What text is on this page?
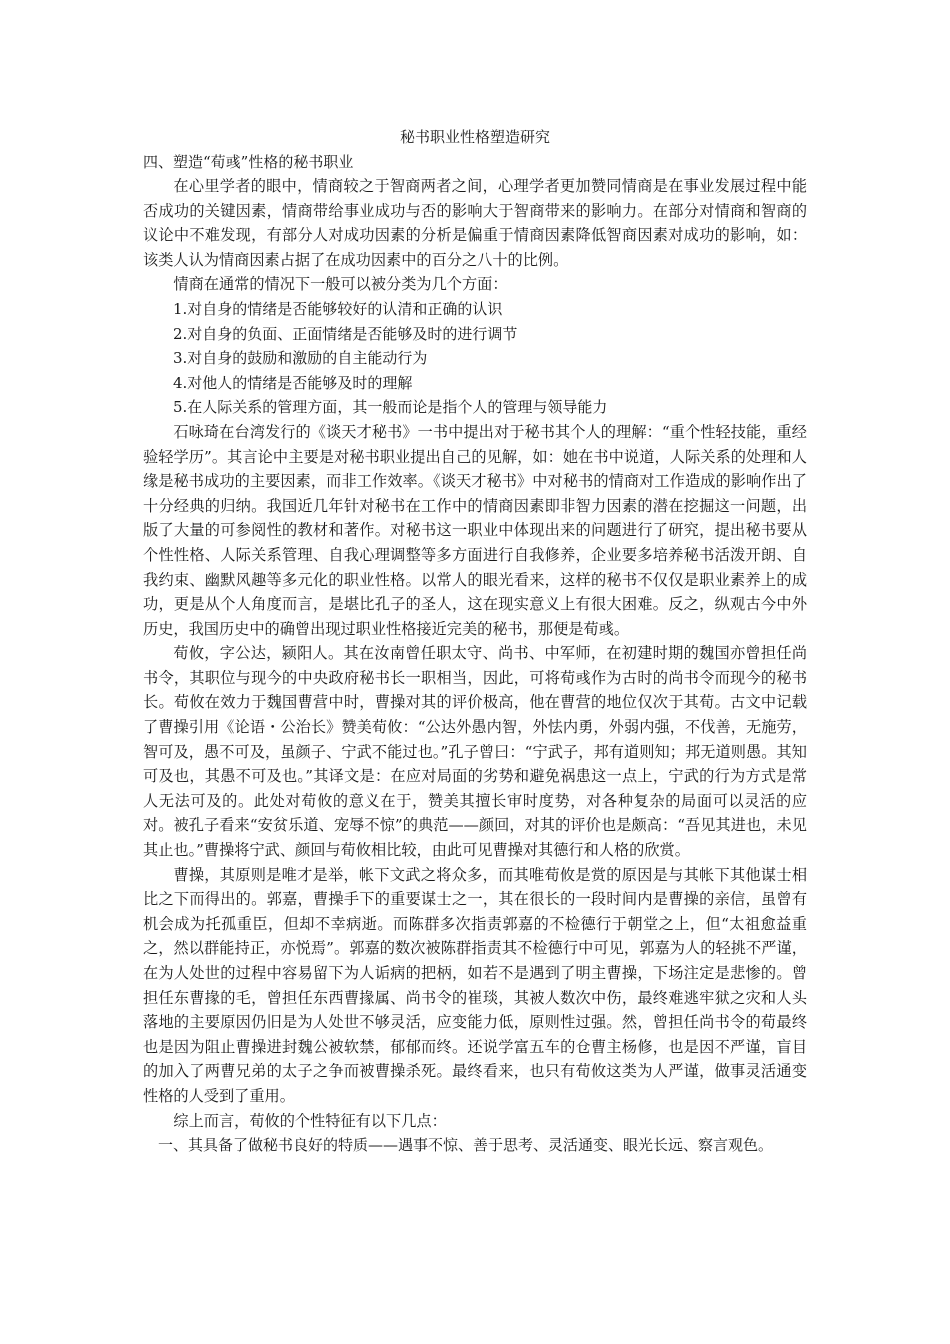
秘书职业性格塑造研究

四、塑造“荀彧”性格的秘书职业

在心里学者的眼中，情商较之于智商两者之间，心理学者更加赞同情商是在事业发展过程中能否成功的关键因素，情商带给事业成功与否的影响大于智商带来的影响力。在部分对情商和智商的议论中不难发现，有部分人对成功因素的分析是偏重于情商因素降低智商因素对成功的影响，如：该类人认为情商因素占据了在成功因素中的百分之八十的比例。

情商在通常的情况下一般可以被分类为几个方面：

1.对自身的情绪是否能够较好的认清和正确的认识

2.对自身的负面、正面情绪是否能够及时的进行调节

3.对自身的鼓励和激励的自主能动行为

4.对他人的情绪是否能够及时的理解

5.在人际关系的管理方面，其一般而论是指个人的管理与领导能力

石咏琦在台湾发行的《谈天才秘书》一书中提出对于秘书其个人的理解：“重个性轻技能，重经验轻学历”。其言论中主要是对秘书职业提出自己的见解，如：她在书中说道，人际关系的处理和人缘是秘书成功的主要因素，而非工作效率。《谈天才秘书》中对秘书的情商对工作造成的影响作出了十分经典的归纳。我国近几年针对秘书在工作中的情商因素即非智力因素的潜在挖掘这一问题，出版了大量的可参阅性的教材和著作。对秘书这一职业中体现出来的问题进行了研究，提出秘书要从个性性格、人际关系管理、自我心理调整等多方面进行自我修养，企业要多培养秘书活泼开朗、自我约束、幽默风趣等多元化的职业性格。以常人的眼光看来，这样的秘书不仅仅是职业素养上的成功，更是从个人角度而言，是堪比孔子的圣人，这在现实意义上有很大困难。反之，纵观古今中外历史，我国历史中的确曾出现过职业性格接近完美的秘书，那便是荀彧。

荀攸，字公达，颍阳人。其在汝南曾任职太守、尚书、中军师，在初建时期的魏国亦曾担任尚书令，其职位与现今的中央政府秘书长一职相当，因此，可将荀彧作为古时的尚书令而现今的秘书长。荀攸在效力于魏国曹营中时，曹操对其的评价极高，他在曹营的地位仅次于其荀。古文中记载了曹操引用《论语・公治长》赞美荀攸：“公达外愚内智，外怯内勇，外弱内强，不伐善，无施劳，智可及，愚不可及，虽颜子、宁武不能过也。”孔子曾曰：“宁武子，邦有道则知；邦无道则愚。其知可及也，其愚不可及也。”其译文是：在应对局面的劣势和避免祸患这一点上，宁武的行为方式是常人无法可及的。此处对荀攸的意义在于，赞美其擅长审时度势，对各种复杂的局面可以灵活的应对。被孔子看来“安贫乐道、宠辱不惊”的典范——颜回，对其的评价也是颇高：“吾见其进也，未见其止也。”曹操将宁武、颜回与荀攸相比较，由此可见曹操对其德行和人格的欣赏。

曹操，其原则是唯才是举，帐下文武之将众多，而其唯荀攸是赏的原因是与其帐下其他谋士相比之下而得出的。郭嘉，曹操手下的重要谋士之一，其在很长的一段时间内是曹操的亲信，虽曾有机会成为托孤重臣，但却不幸病逝。而陈群多次指责郭嘉的不检德行于朝堂之上，但“太祖愈益重之，然以群能持正，亦悦焉”。郭嘉的数次被陈群指责其不检德行中可见，郭嘉为人的轻挑不严谨，在为人处世的过程中容易留下为人诟病的把柄，如若不是遇到了明主曹操，下场注定是悲惨的。曾担任东曹掾的毛，曾担任东西曹掾属、尚书令的崔琰，其被人数次中伤，最终难逃牢狱之灾和人头落地的主要原因仍旧是为人处世不够灵活，应变能力低，原则性过强。然，曾担任尚书令的荀最终也是因为阻止曹操进封魏公被软禁，郁郁而终。还说学富五车的仓曹主杨修，也是因不严谨，盲目的加入了两曹兄弟的太子之争而被曹操杀死。最终看来，也只有荀攸这类为人严谨，做事灵活通变性格的人受到了重用。

综上而言，荀攸的个性特征有以下几点：

一、其具备了做秘书良好的特质——遇事不惊、善于思考、灵活通变、眼光长远、察言观色。
